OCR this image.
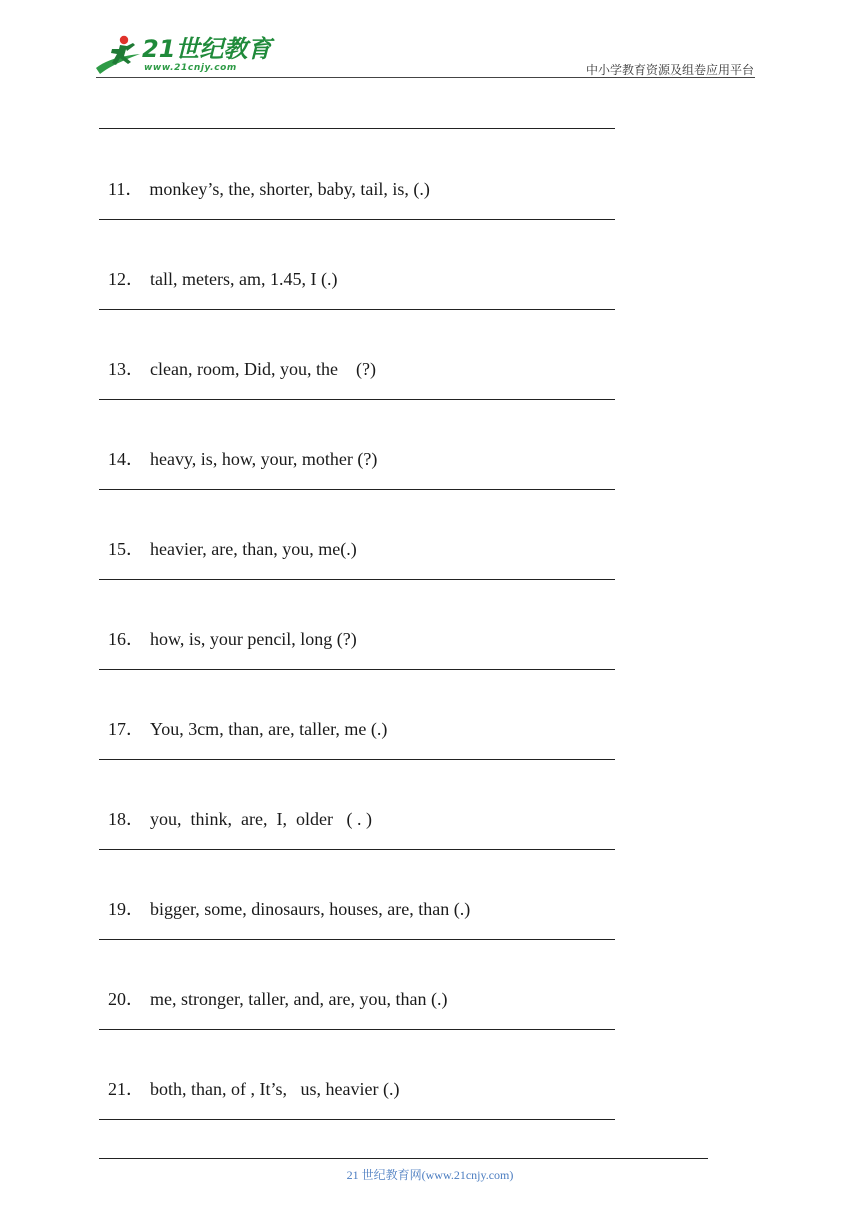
21世纪教育
www.21cnjy.com	中小学教育资源及组卷应用平台

11． monkey’s, the, shorter, baby, tail, is, (.)

12． tall, meters, am, 1.45, I (.)

13． clean, room, Did, you, the    (?)

14． heavy, is, how, your, mother (?)

15． heavier, are, than, you, me(.)

16． how, is, your pencil, long (?)

17． You, 3cm, than, are, taller, me (.)

18． you,  think,  are,  I,  older   ( . )

19． bigger, some, dinosaurs, houses, are, than (.)

20． me, stronger, taller, and, are, you, than (.)

21． both, than, of , It’s,   us, heavier (.)

21 世纪教育网(www.21cnjy.com)
